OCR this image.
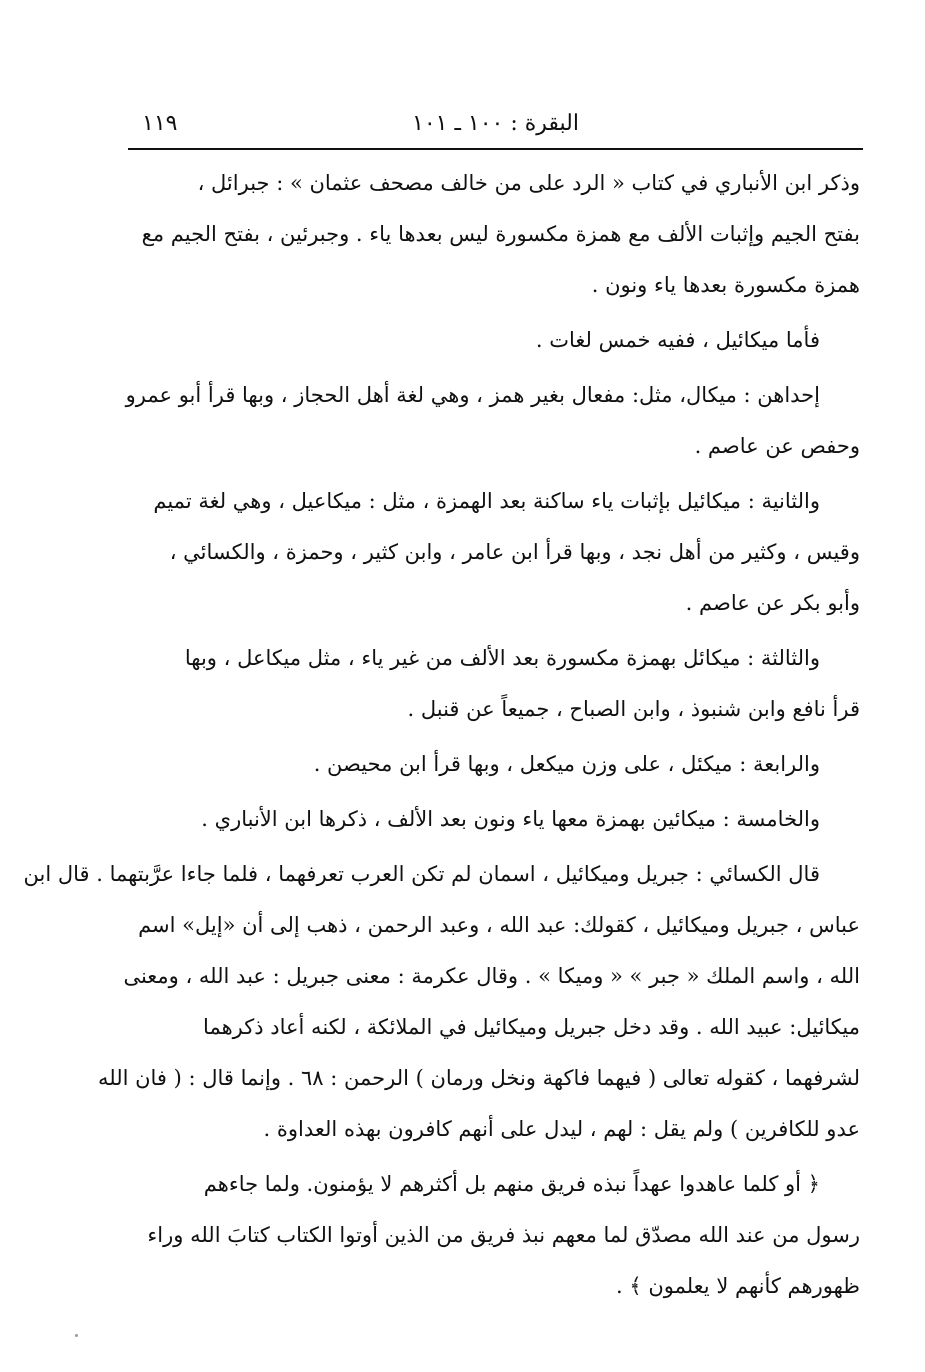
البقرة : ١٠٠ ـ ١٠١
١١٩
وذكر ابن الأنباري في كتاب « الرد على من خالف مصحف عثمان » : جبرائل ،
بفتح الجيم وإثبات الألف مع همزة مكسورة ليس بعدها ياء . وجبرئين ، بفتح الجيم مع
همزة مكسورة بعدها ياء ونون .
فأما ميكائيل ، ففيه خمس لغات .
إحداهن : ميكال، مثل: مفعال بغير همز ، وهي لغة أهل الحجاز ، وبها قرأ أبو عمرو
وحفص عن عاصم .
والثانية : ميكائيل بإثبات ياء ساكنة بعد الهمزة ، مثل : ميكاعيل ، وهي لغة تميم
وقيس ، وكثير من أهل نجد ، وبها قرأ ابن عامر ، وابن كثير ، وحمزة ، والكسائي ،
وأبو بكر عن عاصم .
والثالثة : ميكائل بهمزة مكسورة بعد الألف من غير ياء ، مثل ميكاعل ، وبها
قرأ نافع وابن شنبوذ ، وابن الصباح ، جميعاً عن قنبل .
والرابعة : ميكئل ، على وزن ميكعل ، وبها قرأ ابن محيصن .
والخامسة : ميكائين بهمزة معها ياء ونون بعد الألف ، ذكرها ابن الأنباري .
قال الكسائي : جبريل وميكائيل ، اسمان لم تكن العرب تعرفهما ، فلما جاءا عرَّبتهما . قال ابن
عباس ، جبريل وميكائيل ، كقولك: عبد الله ، وعبد الرحمن ، ذهب إلى أن «إيل» اسم
الله ، واسم الملك « جبر » « وميكا » . وقال عكرمة : معنى جبريل : عبد الله ، ومعنى
ميكائيل: عبيد الله . وقد دخل جبريل وميكائيل في الملائكة ، لكنه أعاد ذكرهما
لشرفهما ، كقوله تعالى ( فيهما فاكهة ونخل ورمان ) الرحمن : ٦٨ . وإنما قال : ( فان الله
عدو للكافرين ) ولم يقل : لهم ، ليدل على أنهم كافرون بهذه العداوة .
﴿ أو كلما عاهدوا عهداً نبذه فريق منهم بل أكثرهم لا يؤمنون. ولما جاءهم
رسول من عند الله مصدّق لما معهم نبذ فريق من الذين أوتوا الكتاب كتابَ الله وراء
ظهورهم كأنهم لا يعلمون ﴾ .
